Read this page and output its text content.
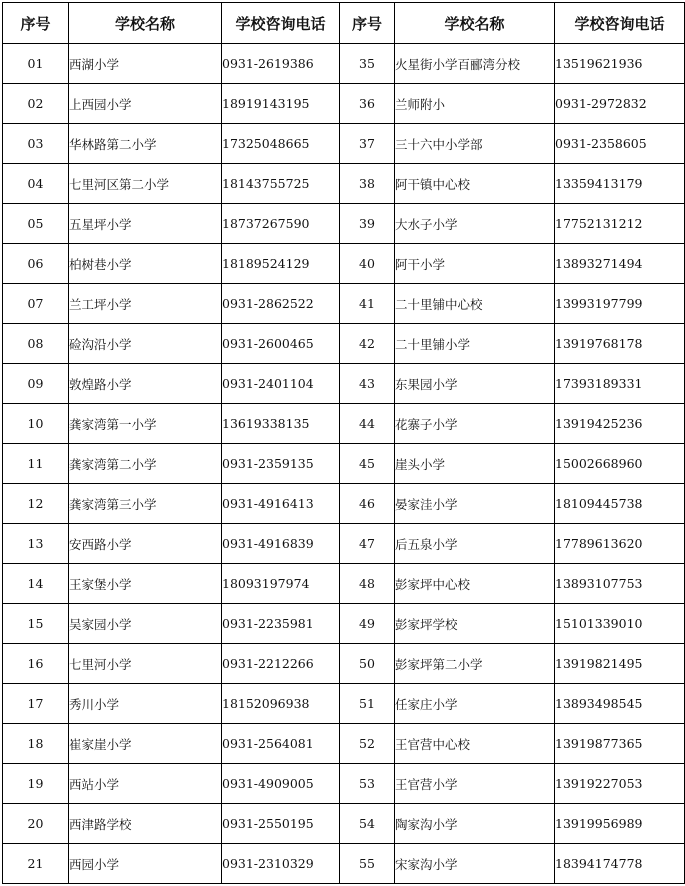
序号	学校名称	学校咨询电话	序号	学校名称	学校咨询电话
01	西湖小学	0931-2619386	35	火星街小学百郦湾分校	13519621936
02	上西园小学	18919143195	36	兰师附小	0931-2972832
03	华林路第二小学	17325048665	37	三十六中小学部	0931-2358605
04	七里河区第二小学	18143755725	38	阿干镇中心校	13359413179
05	五星坪小学	18737267590	39	大水子小学	17752131212
06	柏树巷小学	18189524129	40	阿干小学	13893271494
07	兰工坪小学	0931-2862522	41	二十里铺中心校	13993197799
08	硷沟沿小学	0931-2600465	42	二十里铺小学	13919768178
09	敦煌路小学	0931-2401104	43	东果园小学	17393189331
10	龚家湾第一小学	13619338135	44	花寨子小学	13919425236
11	龚家湾第二小学	0931-2359135	45	崖头小学	15002668960
12	龚家湾第三小学	0931-4916413	46	晏家洼小学	18109445738
13	安西路小学	0931-4916839	47	后五泉小学	17789613620
14	王家堡小学	18093197974	48	彭家坪中心校	13893107753
15	吴家园小学	0931-2235981	49	彭家坪学校	15101339010
16	七里河小学	0931-2212266	50	彭家坪第二小学	13919821495
17	秀川小学	18152096938	51	任家庄小学	13893498545
18	崔家崖小学	0931-2564081	52	王官营中心校	13919877365
19	西站小学	0931-4909005	53	王官营小学	13919227053
20	西津路学校	0931-2550195	54	陶家沟小学	13919956989
21	西园小学	0931-2310329	55	宋家沟小学	18394174778
